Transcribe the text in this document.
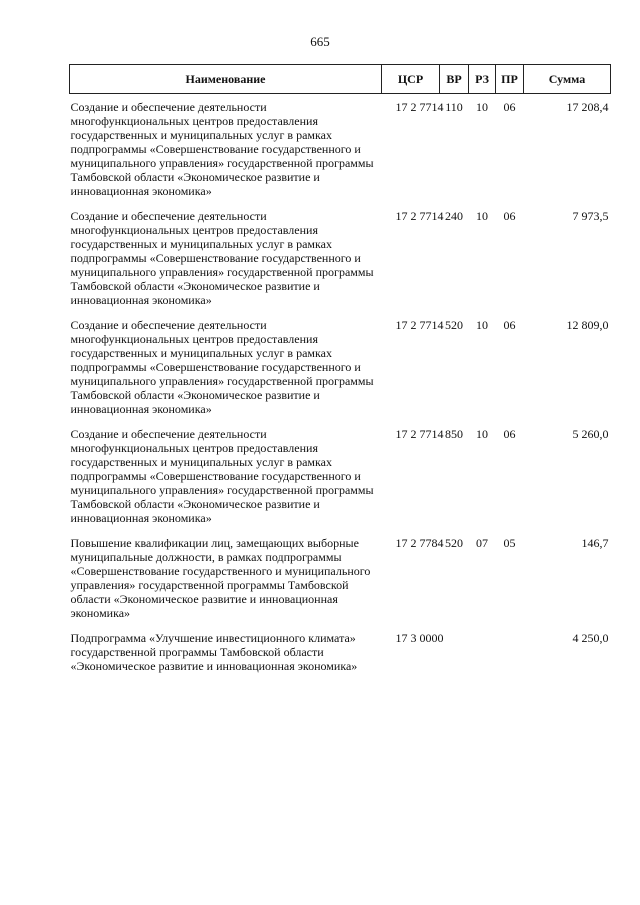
665
Наименование	ЦСР	ВР	РЗ	ПР	Сумма
Создание и обеспечение деятельности многофункциональных центров предоставления государственных и муниципальных услуг в рамках подпрограммы «Совершенствование государственного и муниципального управления» государственной программы Тамбовской области «Экономическое развитие и инновационная экономика»	17 2 7714	110	10	06	17 208,4
Создание и обеспечение деятельности многофункциональных центров предоставления государственных и муниципальных услуг в рамках подпрограммы «Совершенствование государственного и муниципального управления» государственной программы Тамбовской области «Экономическое развитие и инновационная экономика»	17 2 7714	240	10	06	7 973,5
Создание и обеспечение деятельности многофункциональных центров предоставления государственных и муниципальных услуг в рамках подпрограммы «Совершенствование государственного и муниципального управления» государственной программы Тамбовской области «Экономическое развитие и инновационная экономика»	17 2 7714	520	10	06	12 809,0
Создание и обеспечение деятельности многофункциональных центров предоставления государственных и муниципальных услуг в рамках подпрограммы «Совершенствование государственного и муниципального управления» государственной программы Тамбовской области «Экономическое развитие и инновационная экономика»	17 2 7714	850	10	06	5 260,0
Повышение квалификации лиц, замещающих выборные муниципальные должности, в рамках подпрограммы «Совершенствование государственного и муниципального управления» государственной программы Тамбовской области «Экономическое развитие и инновационная экономика»	17 2 7784	520	07	05	146,7
Подпрограмма «Улучшение инвестиционного климата» государственной программы Тамбовской области «Экономическое развитие и инновационная экономика»	17 3 0000				4 250,0
